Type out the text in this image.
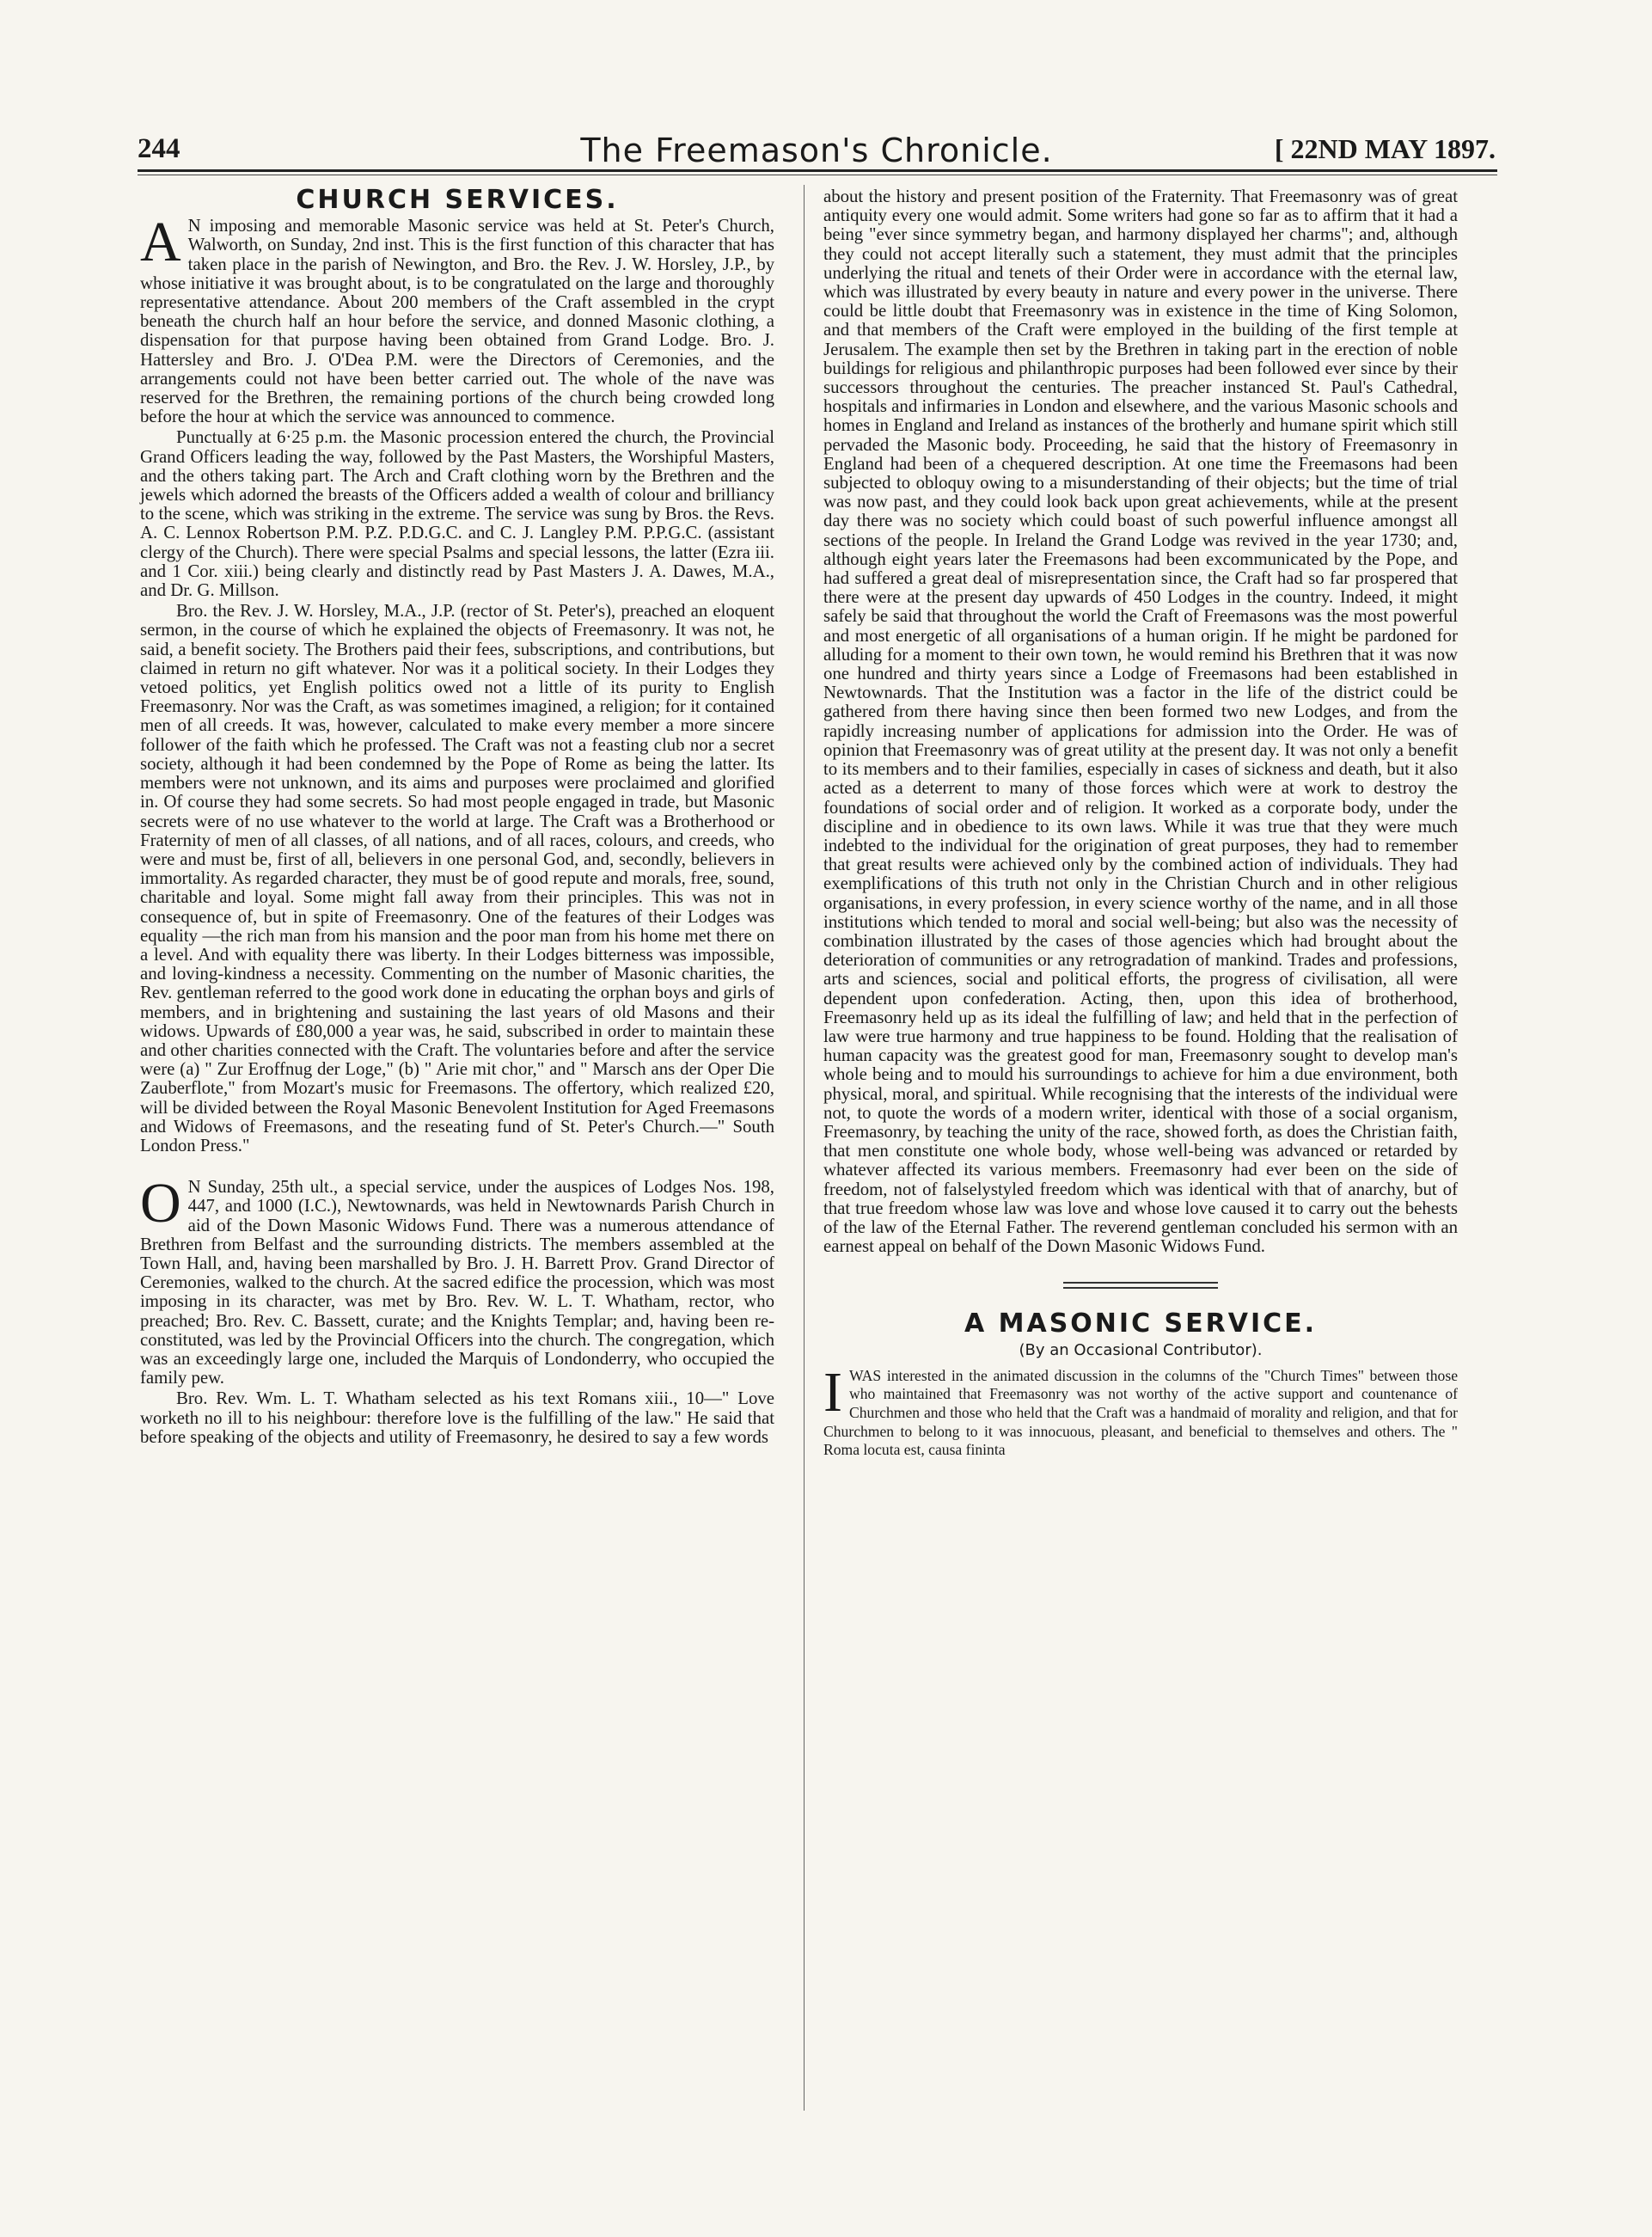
244	The Freemason's Chronicle.	[ 22ND MAY 1897.
CHURCH SERVICES.

A N imposing and memorable Masonic service was held at St. Peter's Church, Walworth, on Sunday, 2nd inst. This is the first function of this character that has taken place in the parish of Newington, and Bro. the Rev. J. W. Horsley, J.P., by whose initiative it was brought about, is to be congratulated on the large and thoroughly representative attendance. About 200 members of the Craft assembled in the crypt beneath the church half an hour before the service, and donned Masonic clothing, a dispensation for that purpose having been obtained from Grand Lodge. Bro. J. Hattersley and Bro. J. O'Dea P.M. were the Directors of Ceremonies, and the arrangements could not have been better carried out. The whole of the nave was reserved for the Brethren, the remaining portions of the church being crowded long before the hour at which the service was announced to commence.

Punctually at 6·25 p.m. the Masonic procession entered the church, the Provincial Grand Officers leading the way, followed by the Past Masters, the Worshipful Masters, and the others taking part. The Arch and Craft clothing worn by the Brethren and the jewels which adorned the breasts of the Officers added a wealth of colour and brilliancy to the scene, which was striking in the extreme. The service was sung by Bros. the Revs. A. C. Lennox Robertson P.M. P.Z. P.D.G.C. and C. J. Langley P.M. P.P.G.C. (assistant clergy of the Church). There were special Psalms and special lessons, the latter (Ezra iii. and 1 Cor. xiii.) being clearly and distinctly read by Past Masters J. A. Dawes, M.A., and Dr. G. Millson.

Bro. the Rev. J. W. Horsley, M.A., J.P. (rector of St. Peter's), preached an eloquent sermon, in the course of which he explained the objects of Freemasonry. It was not, he said, a benefit society. The Brothers paid their fees, subscriptions, and contributions, but claimed in return no gift whatever. Nor was it a political society. In their Lodges they vetoed politics, yet English politics owed not a little of its purity to English Freemasonry. Nor was the Craft, as was sometimes imagined, a religion; for it contained men of all creeds. It was, however, calculated to make every member a more sincere follower of the faith which he professed. The Craft was not a feasting club nor a secret society, although it had been condemned by the Pope of Rome as being the latter. Its members were not unknown, and its aims and purposes were proclaimed and glorified in. Of course they had some secrets. So had most people engaged in trade, but Masonic secrets were of no use whatever to the world at large. The Craft was a Brotherhood or Fraternity of men of all classes, of all nations, and of all races, colours, and creeds, who were and must be, first of all, believers in one personal God, and, secondly, believers in immortality. As regarded character, they must be of good repute and morals, free, sound, charitable and loyal. Some might fall away from their principles. This was not in consequence of, but in spite of Freemasonry. One of the features of their Lodges was equality —the rich man from his mansion and the poor man from his home met there on a level. And with equality there was liberty. In their Lodges bitterness was impossible, and loving-kindness a necessity. Commenting on the number of Masonic charities, the Rev. gentleman referred to the good work done in educating the orphan boys and girls of members, and in brightening and sustaining the last years of old Masons and their widows. Upwards of £80,000 a year was, he said, subscribed in order to maintain these and other charities connected with the Craft. The voluntaries before and after the service were (a) " Zur Eroffnug der Loge," (b) " Arie mit chor," and " Marsch ans der Oper Die Zauberflote," from Mozart's music for Freemasons. The offertory, which realized £20, will be divided between the Royal Masonic Benevolent Institution for Aged Freemasons and Widows of Freemasons, and the reseating fund of St. Peter's Church.—" South London Press."

O N Sunday, 25th ult., a special service, under the auspices of Lodges Nos. 198, 447, and 1000 (I.C.), Newtownards, was held in Newtownards Parish Church in aid of the Down Masonic Widows Fund. There was a numerous attendance of Brethren from Belfast and the surrounding districts. The members assembled at the Town Hall, and, having been marshalled by Bro. J. H. Barrett Prov. Grand Director of Ceremonies, walked to the church. At the sacred edifice the procession, which was most imposing in its character, was met by Bro. Rev. W. L. T. Whatham, rector, who preached; Bro. Rev. C. Bassett, curate; and the Knights Templar; and, having been re-constituted, was led by the Provincial Officers into the church. The congregation, which was an exceedingly large one, included the Marquis of Londonderry, who occupied the family pew.

Bro. Rev. Wm. L. T. Whatham selected as his text Romans xiii., 10—" Love worketh no ill to his neighbour: therefore love is the fulfilling of the law." He said that before speaking of the objects and utility of Freemasonry, he desired to say a few words

about the history and present position of the Fraternity. That Freemasonry was of great antiquity every one would admit. Some writers had gone so far as to affirm that it had a being "ever since symmetry began, and harmony displayed her charms"; and, although they could not accept literally such a statement, they must admit that the principles underlying the ritual and tenets of their Order were in accordance with the eternal law, which was illustrated by every beauty in nature and every power in the universe. There could be little doubt that Freemasonry was in existence in the time of King Solomon, and that members of the Craft were employed in the building of the first temple at Jerusalem. The example then set by the Brethren in taking part in the erection of noble buildings for religious and philanthropic purposes had been followed ever since by their successors throughout the centuries. The preacher instanced St. Paul's Cathedral, hospitals and infirmaries in London and elsewhere, and the various Masonic schools and homes in England and Ireland as instances of the brotherly and humane spirit which still pervaded the Masonic body. Proceeding, he said that the history of Freemasonry in England had been of a chequered description. At one time the Freemasons had been subjected to obloquy owing to a misunderstanding of their objects; but the time of trial was now past, and they could look back upon great achievements, while at the present day there was no society which could boast of such powerful influence amongst all sections of the people. In Ireland the Grand Lodge was revived in the year 1730; and, although eight years later the Freemasons had been excommunicated by the Pope, and had suffered a great deal of misrepresentation since, the Craft had so far prospered that there were at the present day upwards of 450 Lodges in the country. Indeed, it might safely be said that throughout the world the Craft of Freemasons was the most powerful and most energetic of all organisations of a human origin. If he might be pardoned for alluding for a moment to their own town, he would remind his Brethren that it was now one hundred and thirty years since a Lodge of Freemasons had been established in Newtownards. That the Institution was a factor in the life of the district could be gathered from there having since then been formed two new Lodges, and from the rapidly increasing number of applications for admission into the Order. He was of opinion that Freemasonry was of great utility at the present day. It was not only a benefit to its members and to their families, especially in cases of sickness and death, but it also acted as a deterrent to many of those forces which were at work to destroy the foundations of social order and of religion. It worked as a corporate body, under the discipline and in obedience to its own laws. While it was true that they were much indebted to the individual for the origination of great purposes, they had to remember that great results were achieved only by the combined action of individuals. They had exemplifications of this truth not only in the Christian Church and in other religious organisations, in every profession, in every science worthy of the name, and in all those institutions which tended to moral and social well-being; but also was the necessity of combination illustrated by the cases of those agencies which had brought about the deterioration of communities or any retrogradation of mankind. Trades and professions, arts and sciences, social and political efforts, the progress of civilisation, all were dependent upon confederation. Acting, then, upon this idea of brotherhood, Freemasonry held up as its ideal the fulfilling of law; and held that in the perfection of law were true harmony and true happiness to be found. Holding that the realisation of human capacity was the greatest good for man, Freemasonry sought to develop man's whole being and to mould his surroundings to achieve for him a due environment, both physical, moral, and spiritual. While recognising that the interests of the individual were not, to quote the words of a modern writer, identical with those of a social organism, Freemasonry, by teaching the unity of the race, showed forth, as does the Christian faith, that men constitute one whole body, whose well-being was advanced or retarded by whatever affected its various members. Freemasonry had ever been on the side of freedom, not of falselystyled freedom which was identical with that of anarchy, but of that true freedom whose law was love and whose love caused it to carry out the behests of the law of the Eternal Father. The reverend gentleman concluded his sermon with an earnest appeal on behalf of the Down Masonic Widows Fund.

A MASONIC SERVICE.
(By an Occasional Contributor).

IWAS interested in the animated discussion in the columns of the "Church Times" between those who maintained that Freemasonry was not worthy of the active support and countenance of Churchmen and those who held that the Craft was a handmaid of morality and religion, and that for Churchmen to belong to it was innocuous, pleasant, and beneficial to themselves and others. The " Roma locuta est, causa fininta
